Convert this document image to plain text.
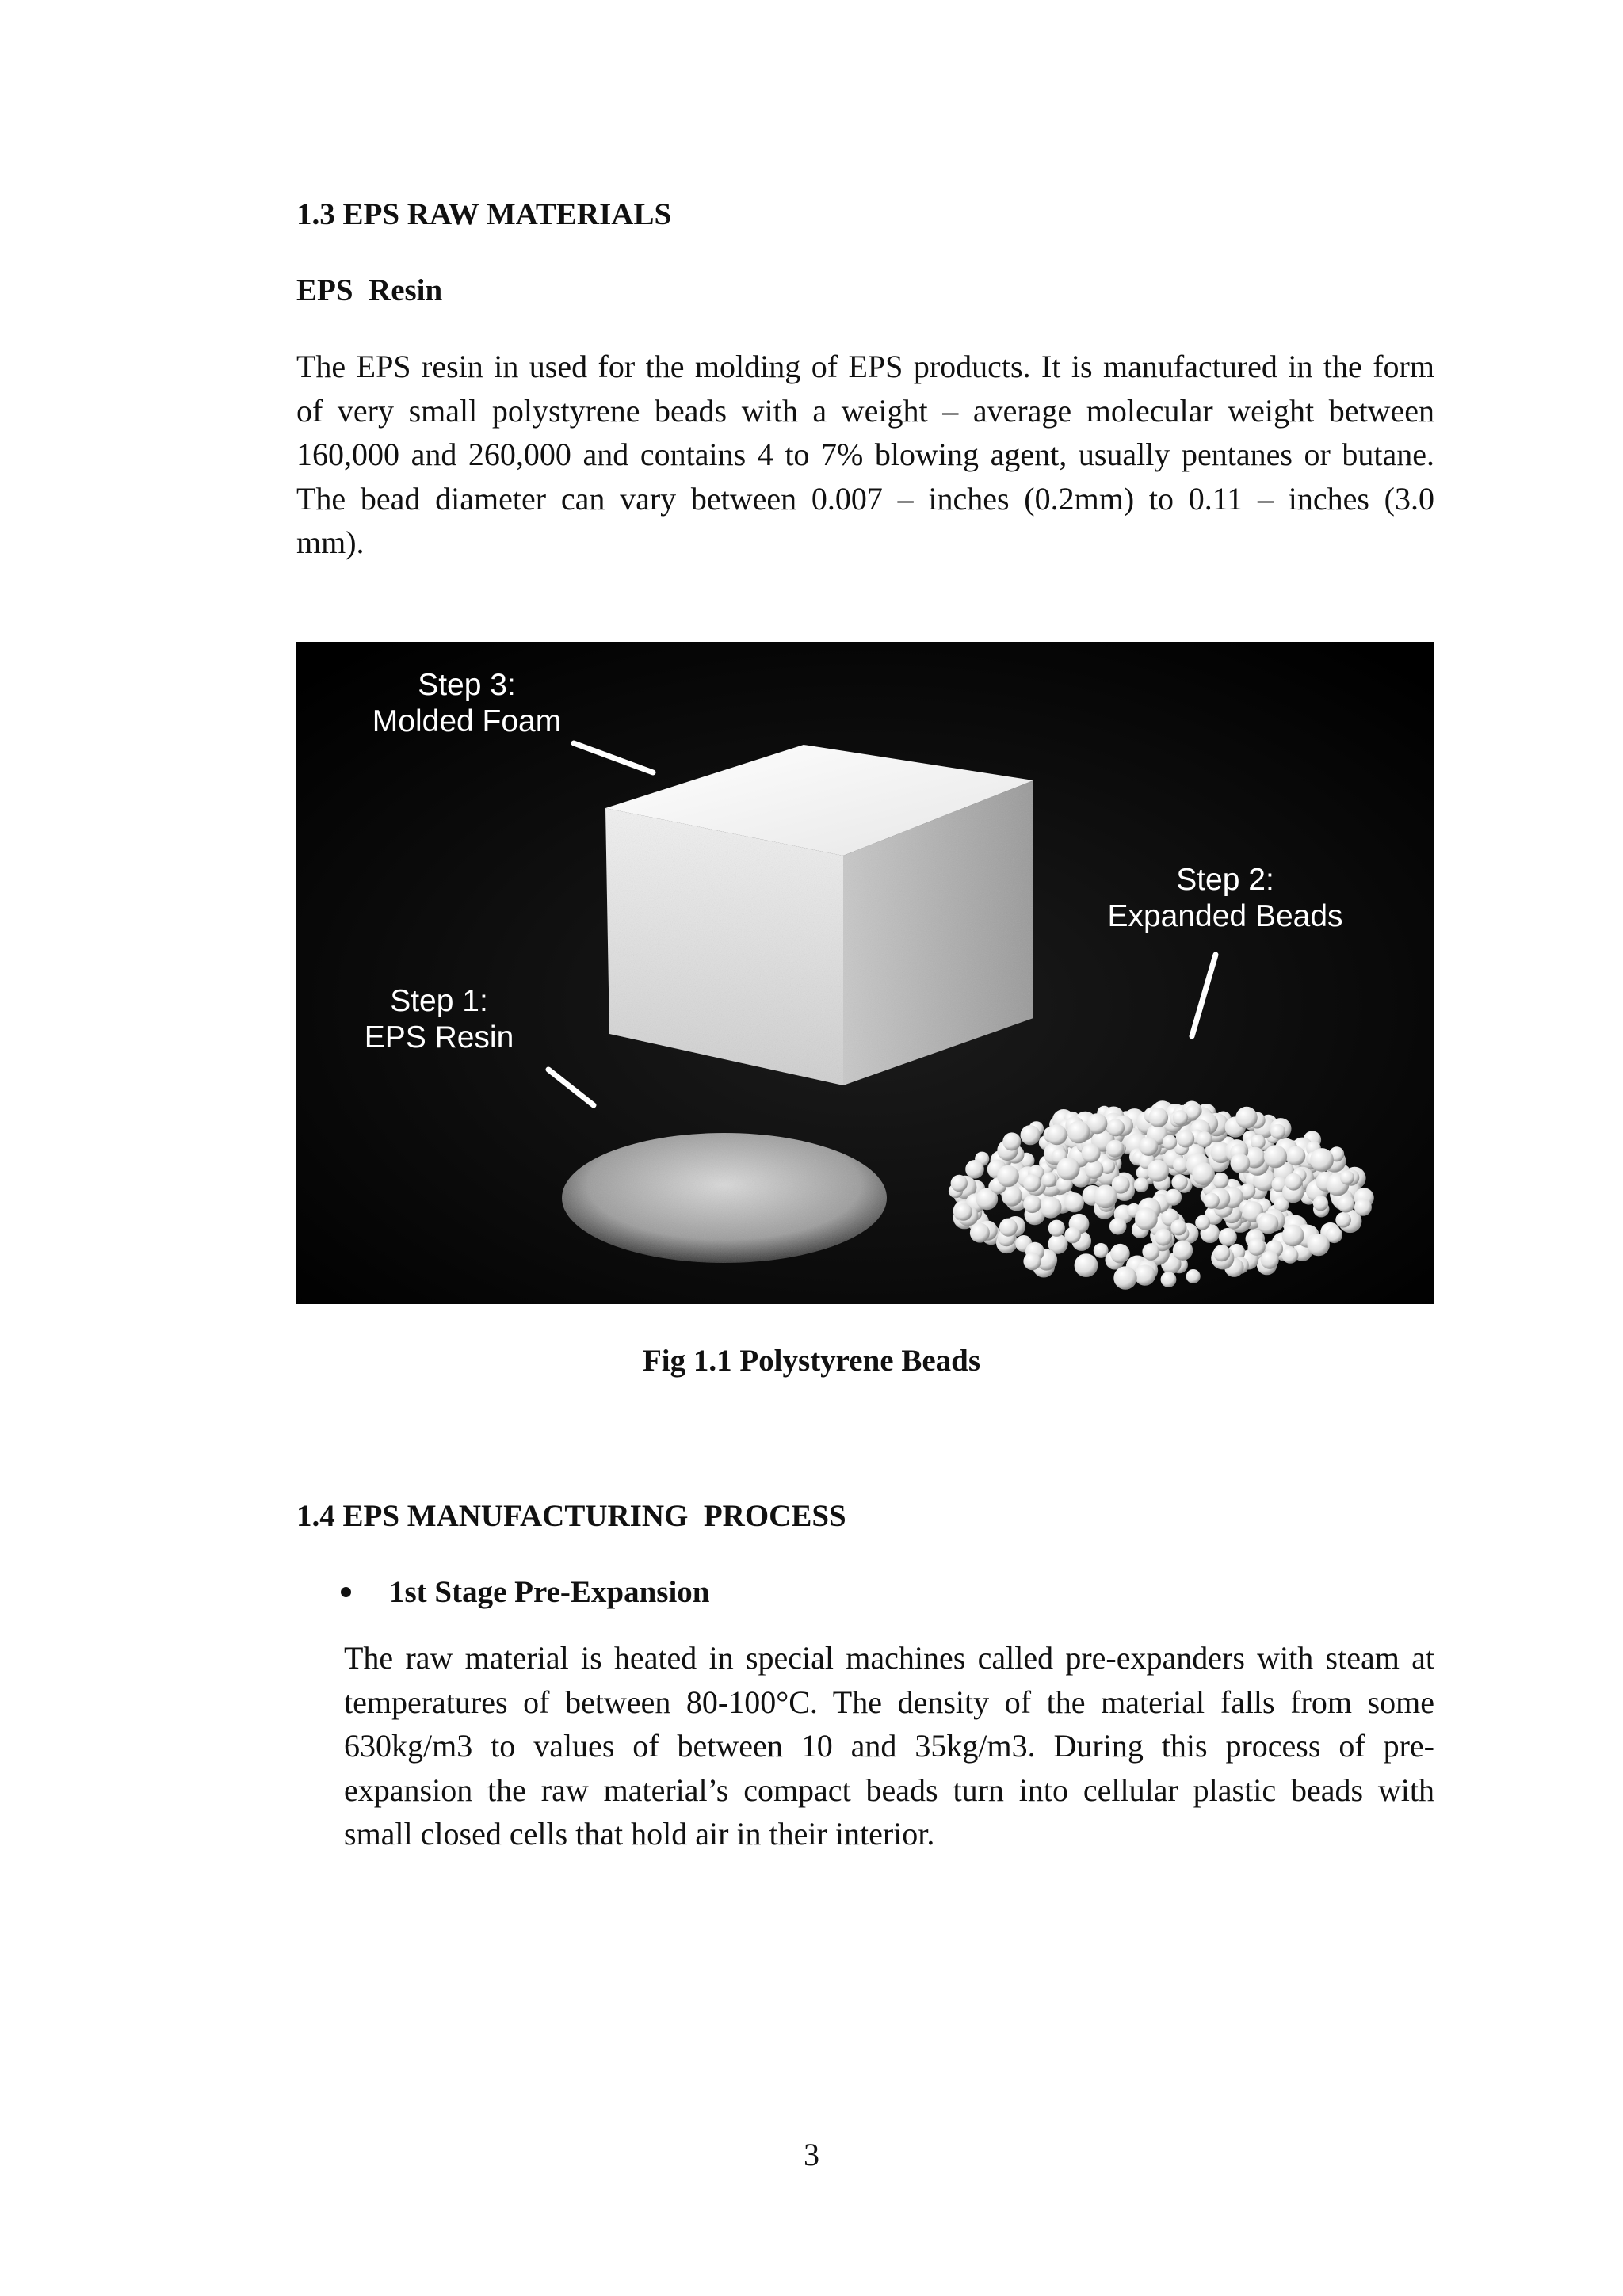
1.3 EPS RAW MATERIALS
EPS  Resin

The EPS resin in used for the molding of EPS products. It is manufactured in the form
of very small polystyrene beads with a weight – average molecular weight between
160,000 and 260,000 and contains 4 to 7% blowing agent, usually pentanes or butane.
The bead diameter can vary between 0.007 – inches (0.2mm) to 0.11 – inches (3.0
mm).

Step 3:
Molded Foam
Step 2:
Expanded Beads
Step 1:
EPS Resin

Fig 1.1 Polystyrene Beads

1.4 EPS MANUFACTURING  PROCESS

1st Stage Pre-Expansion

The raw material is heated in special machines called pre-expanders with steam at
temperatures of between 80-100°C. The density of the material falls from some
630kg/m3 to values of between 10 and 35kg/m3. During this process of pre-
expansion the raw material’s compact beads turn into cellular plastic beads with
small closed cells that hold air in their interior.

3
